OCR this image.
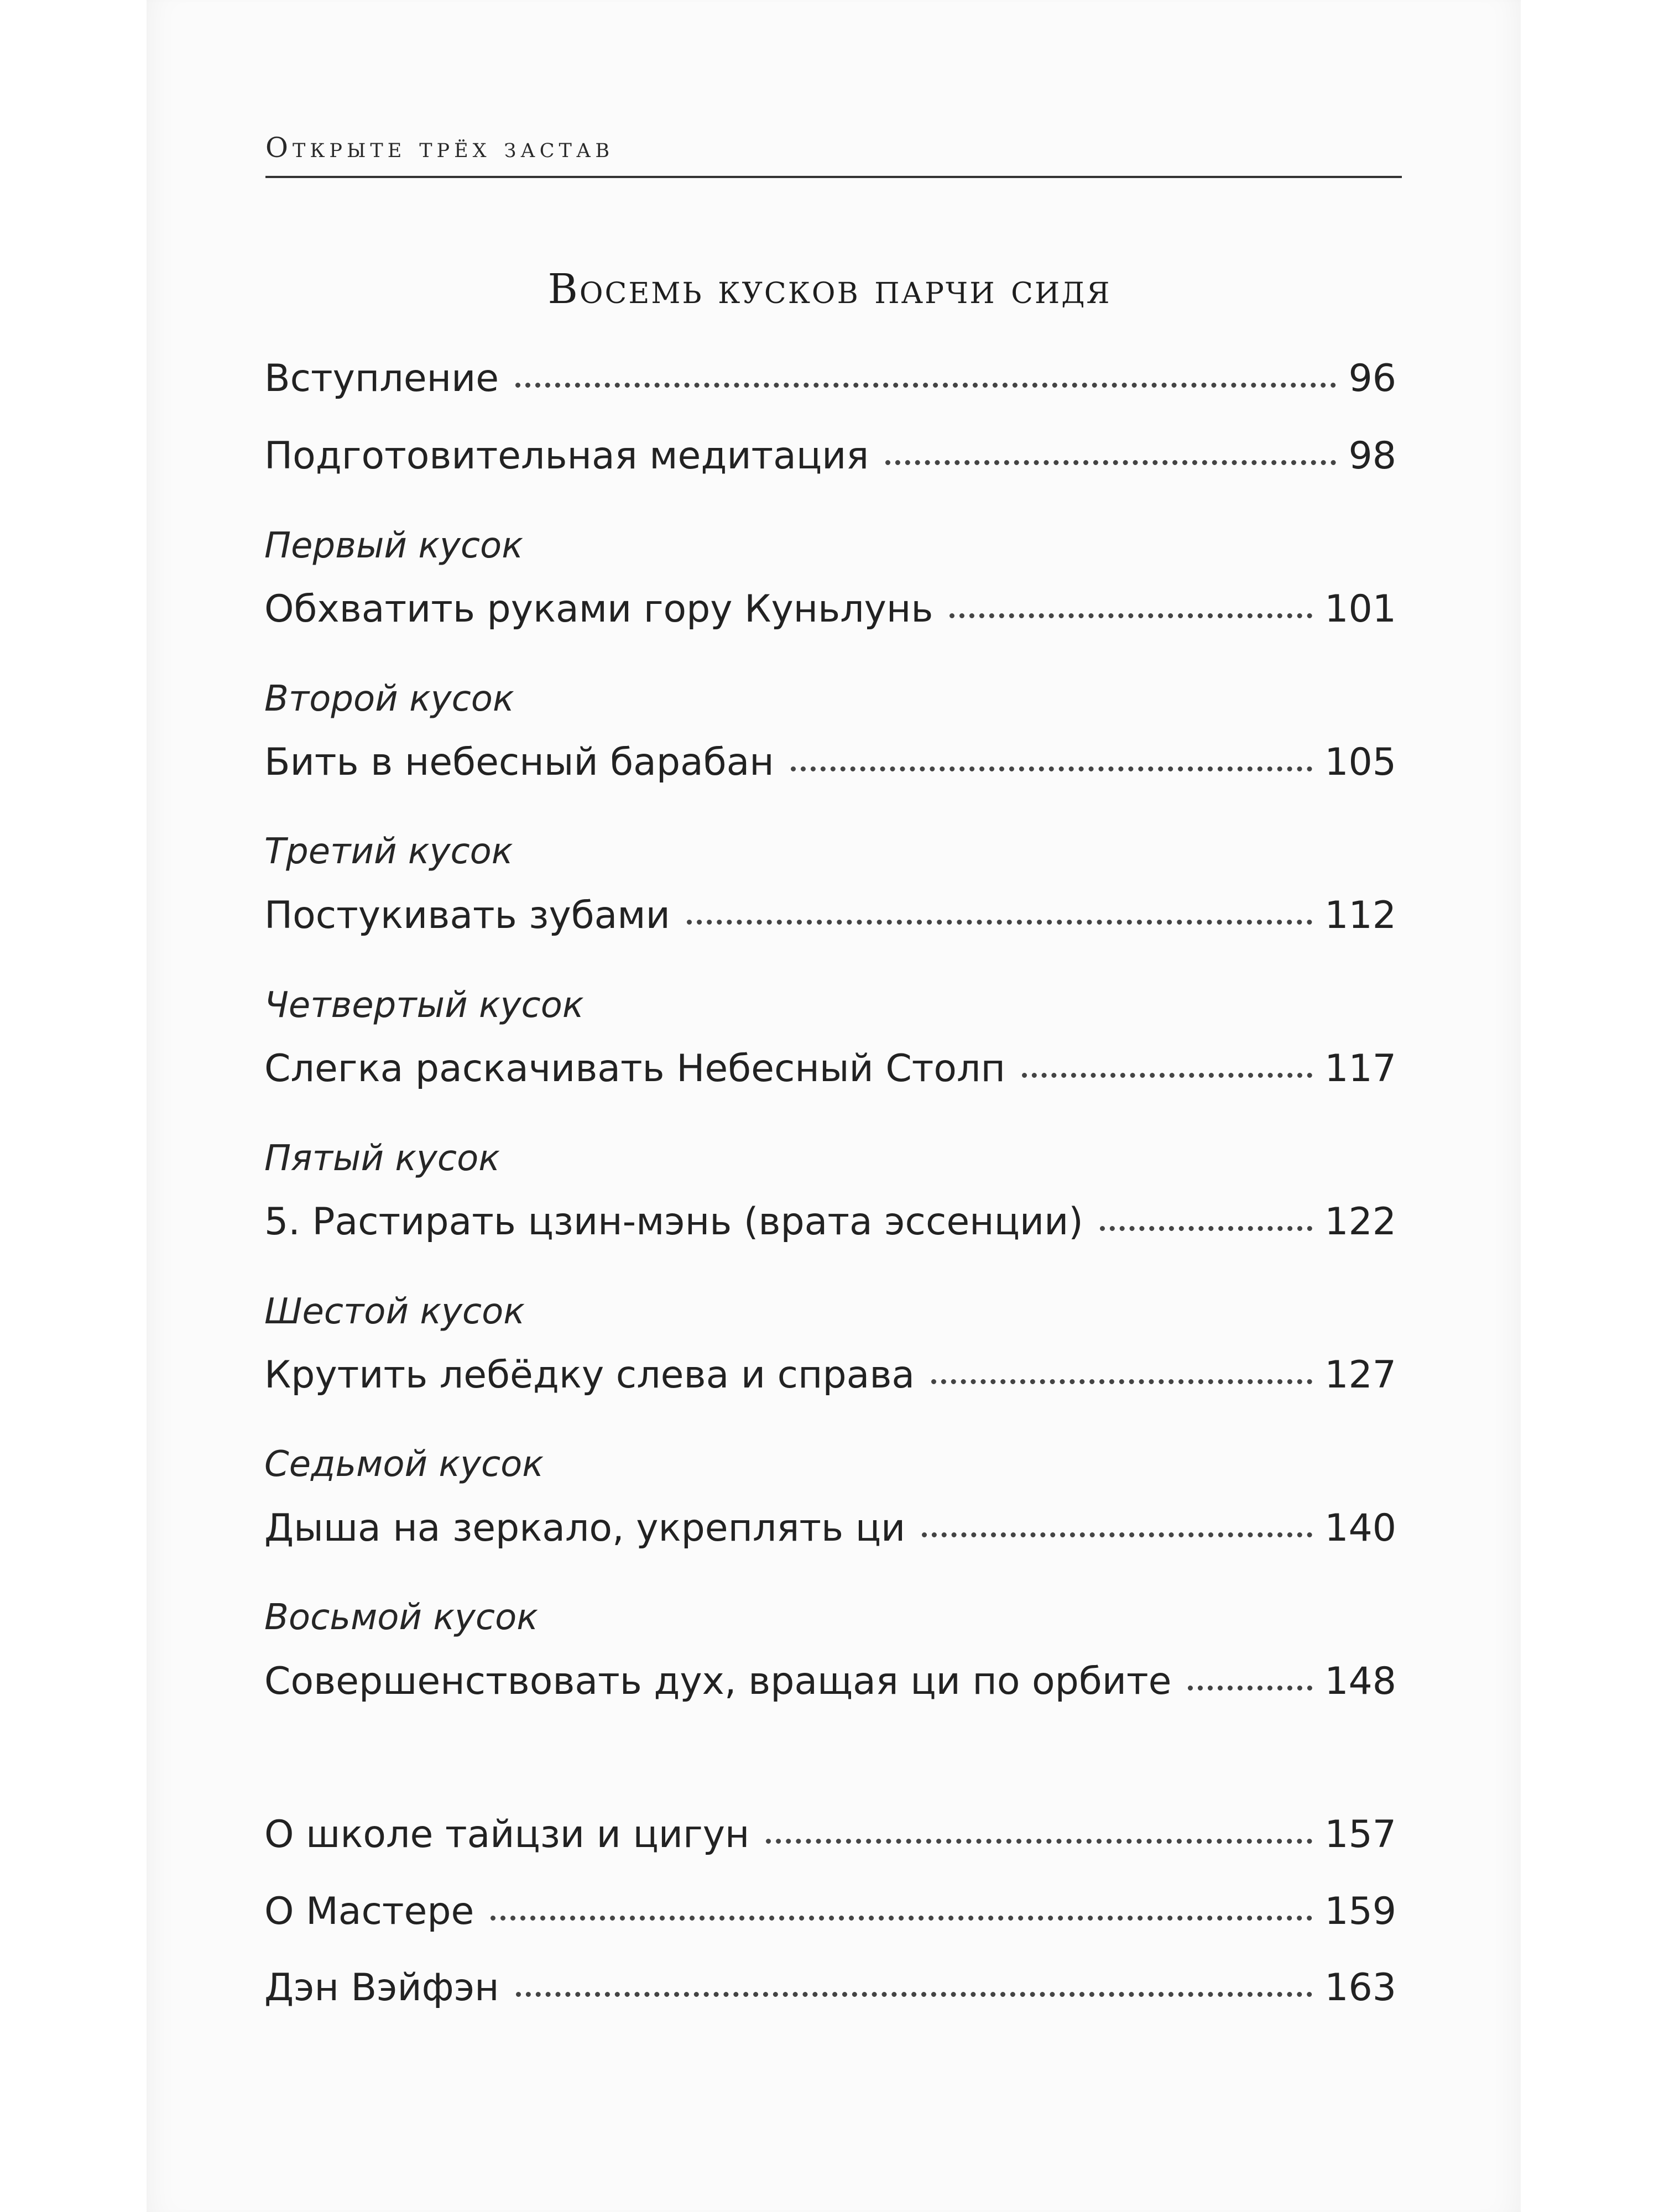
Открыте трёх застав
Восемь кусков парчи сидя
Вступление	96
Подготовительная медитация	98
Первый кусок
Обхватить руками гору Куньлунь	101
Второй кусок
Бить в небесный барабан	105
Третий кусок
Постукивать зубами	112
Четвертый кусок
Слегка раскачивать Небесный Столп	117
Пятый кусок
5. Растирать цзин-мэнь (врата эссенции)	122
Шестой кусок
Крутить лебёдку слева и справа	127
Седьмой кусок
Дыша на зеркало, укреплять ци	140
Восьмой кусок
Совершенствовать дух, вращая ци по орбите	148
О школе тайцзи и цигун	157
О Мастере	159
Дэн Вэйфэн	163
